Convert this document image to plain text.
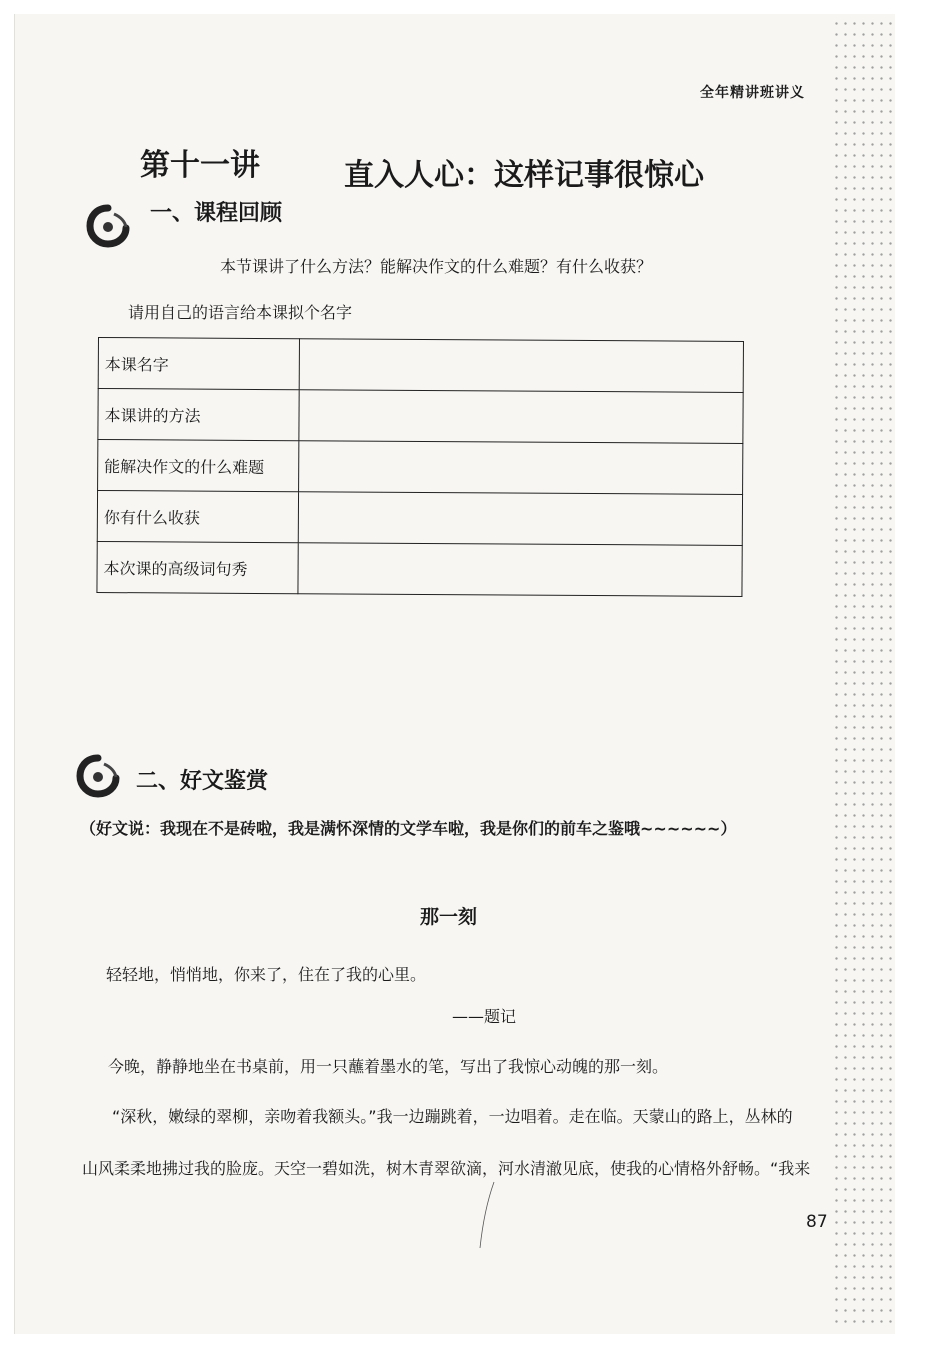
全年精讲班讲义
第十一讲	直入人心：这样记事很惊心
一、课程回顾
本节课讲了什么方法？能解决作文的什么难题？有什么收获？
请用自己的语言给本课拟个名字
本课名字	
本课讲的方法	
能解决作文的什么难题	
你有什么收获	
本次课的高级词句秀	
二、好文鉴赏
（好文说：我现在不是砖啦，我是满怀深情的文学车啦，我是你们的前车之鉴哦~~~~~~）
那一刻
轻轻地，悄悄地，你来了，住在了我的心里。
——题记
今晚，静静地坐在书桌前，用一只蘸着墨水的笔，写出了我惊心动魄的那一刻。
“深秋，嫩绿的翠柳，亲吻着我额头。”我一边蹦跳着，一边唱着。走在临。天蒙山的路上，丛林的
山风柔柔地拂过我的脸庞。天空一碧如洗，树木青翠欲滴，河水清澈见底，使我的心情格外舒畅。“我来
87
